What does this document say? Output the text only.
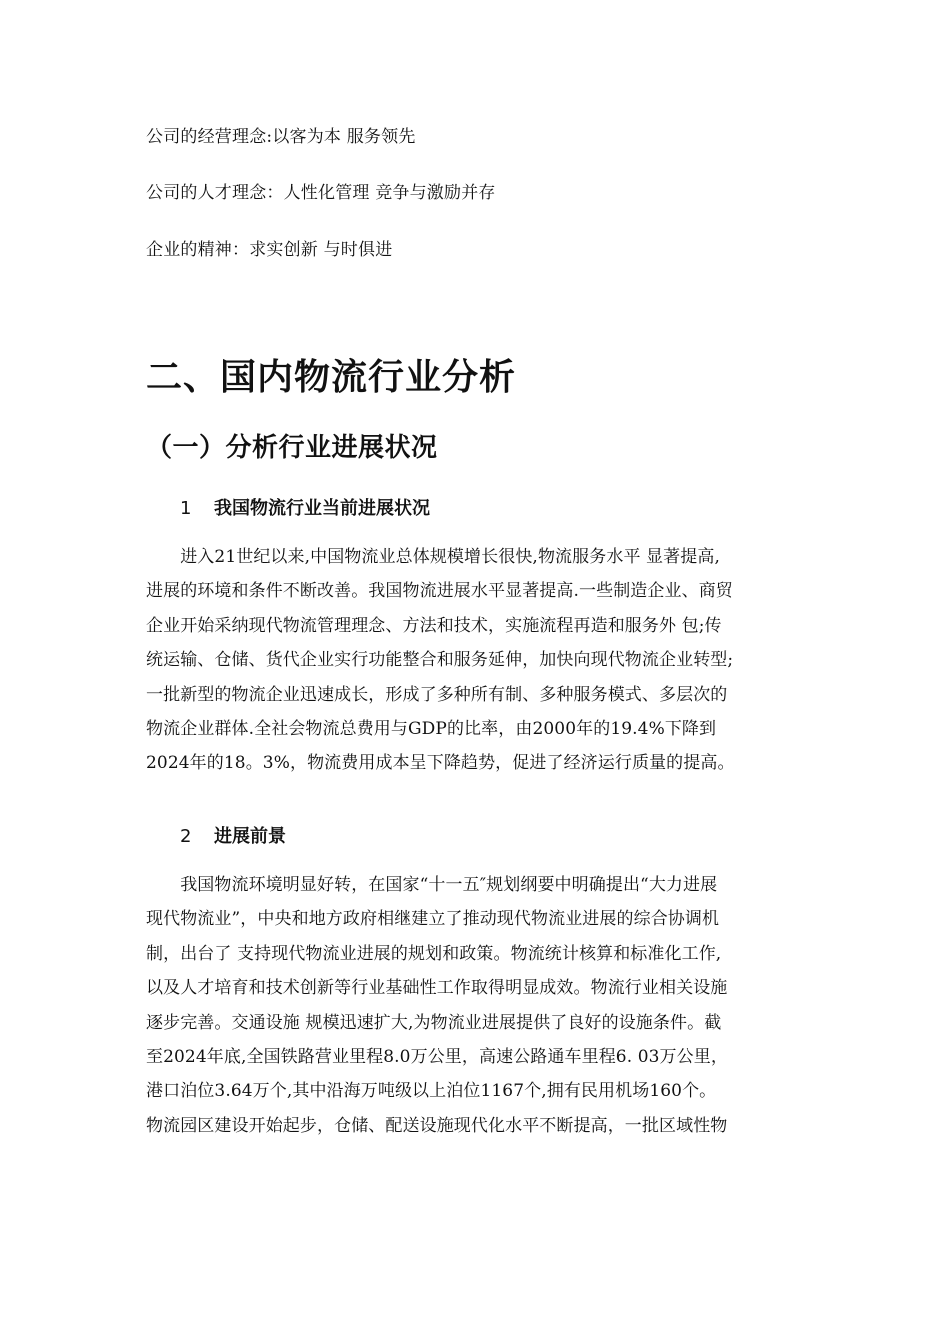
公司的经营理念:以客为本 服务领先
公司的人才理念：人性化管理 竞争与激励并存
企业的精神：求实创新 与时俱进
二、国内物流行业分析
（一）分析行业进展状况
1 我国物流行业当前进展状况
　　进入21世纪以来,中国物流业总体规模增长很快,物流服务水平 显著提高,
进展的环境和条件不断改善。我国物流进展水平显著提高.一些制造企业、商贸
企业开始采纳现代物流管理理念、方法和技术，实施流程再造和服务外 包;传
统运输、仓储、货代企业实行功能整合和服务延伸，加快向现代物流企业转型;
一批新型的物流企业迅速成长，形成了多种所有制、多种服务模式、多层次的
物流企业群体.全社会物流总费用与GDP的比率，由2000年的19.4%下降到
2024年的18。3%，物流费用成本呈下降趋势，促进了经济运行质量的提高。
2 进展前景
　　我国物流环境明显好转，在国家“十一五″规划纲要中明确提出“大力进展
现代物流业”，中央和地方政府相继建立了推动现代物流业进展的综合协调机
制，出台了 支持现代物流业进展的规划和政策。物流统计核算和标准化工作,
以及人才培育和技术创新等行业基础性工作取得明显成效。物流行业相关设施
逐步完善。交通设施 规模迅速扩大,为物流业进展提供了良好的设施条件。截
至2024年底,全国铁路营业里程8.0万公里，高速公路通车里程6. 03万公里，
港口泊位3.64万个,其中沿海万吨级以上泊位1167个,拥有民用机场160个。
物流园区建设开始起步，仓储、配送设施现代化水平不断提高，一批区域性物
